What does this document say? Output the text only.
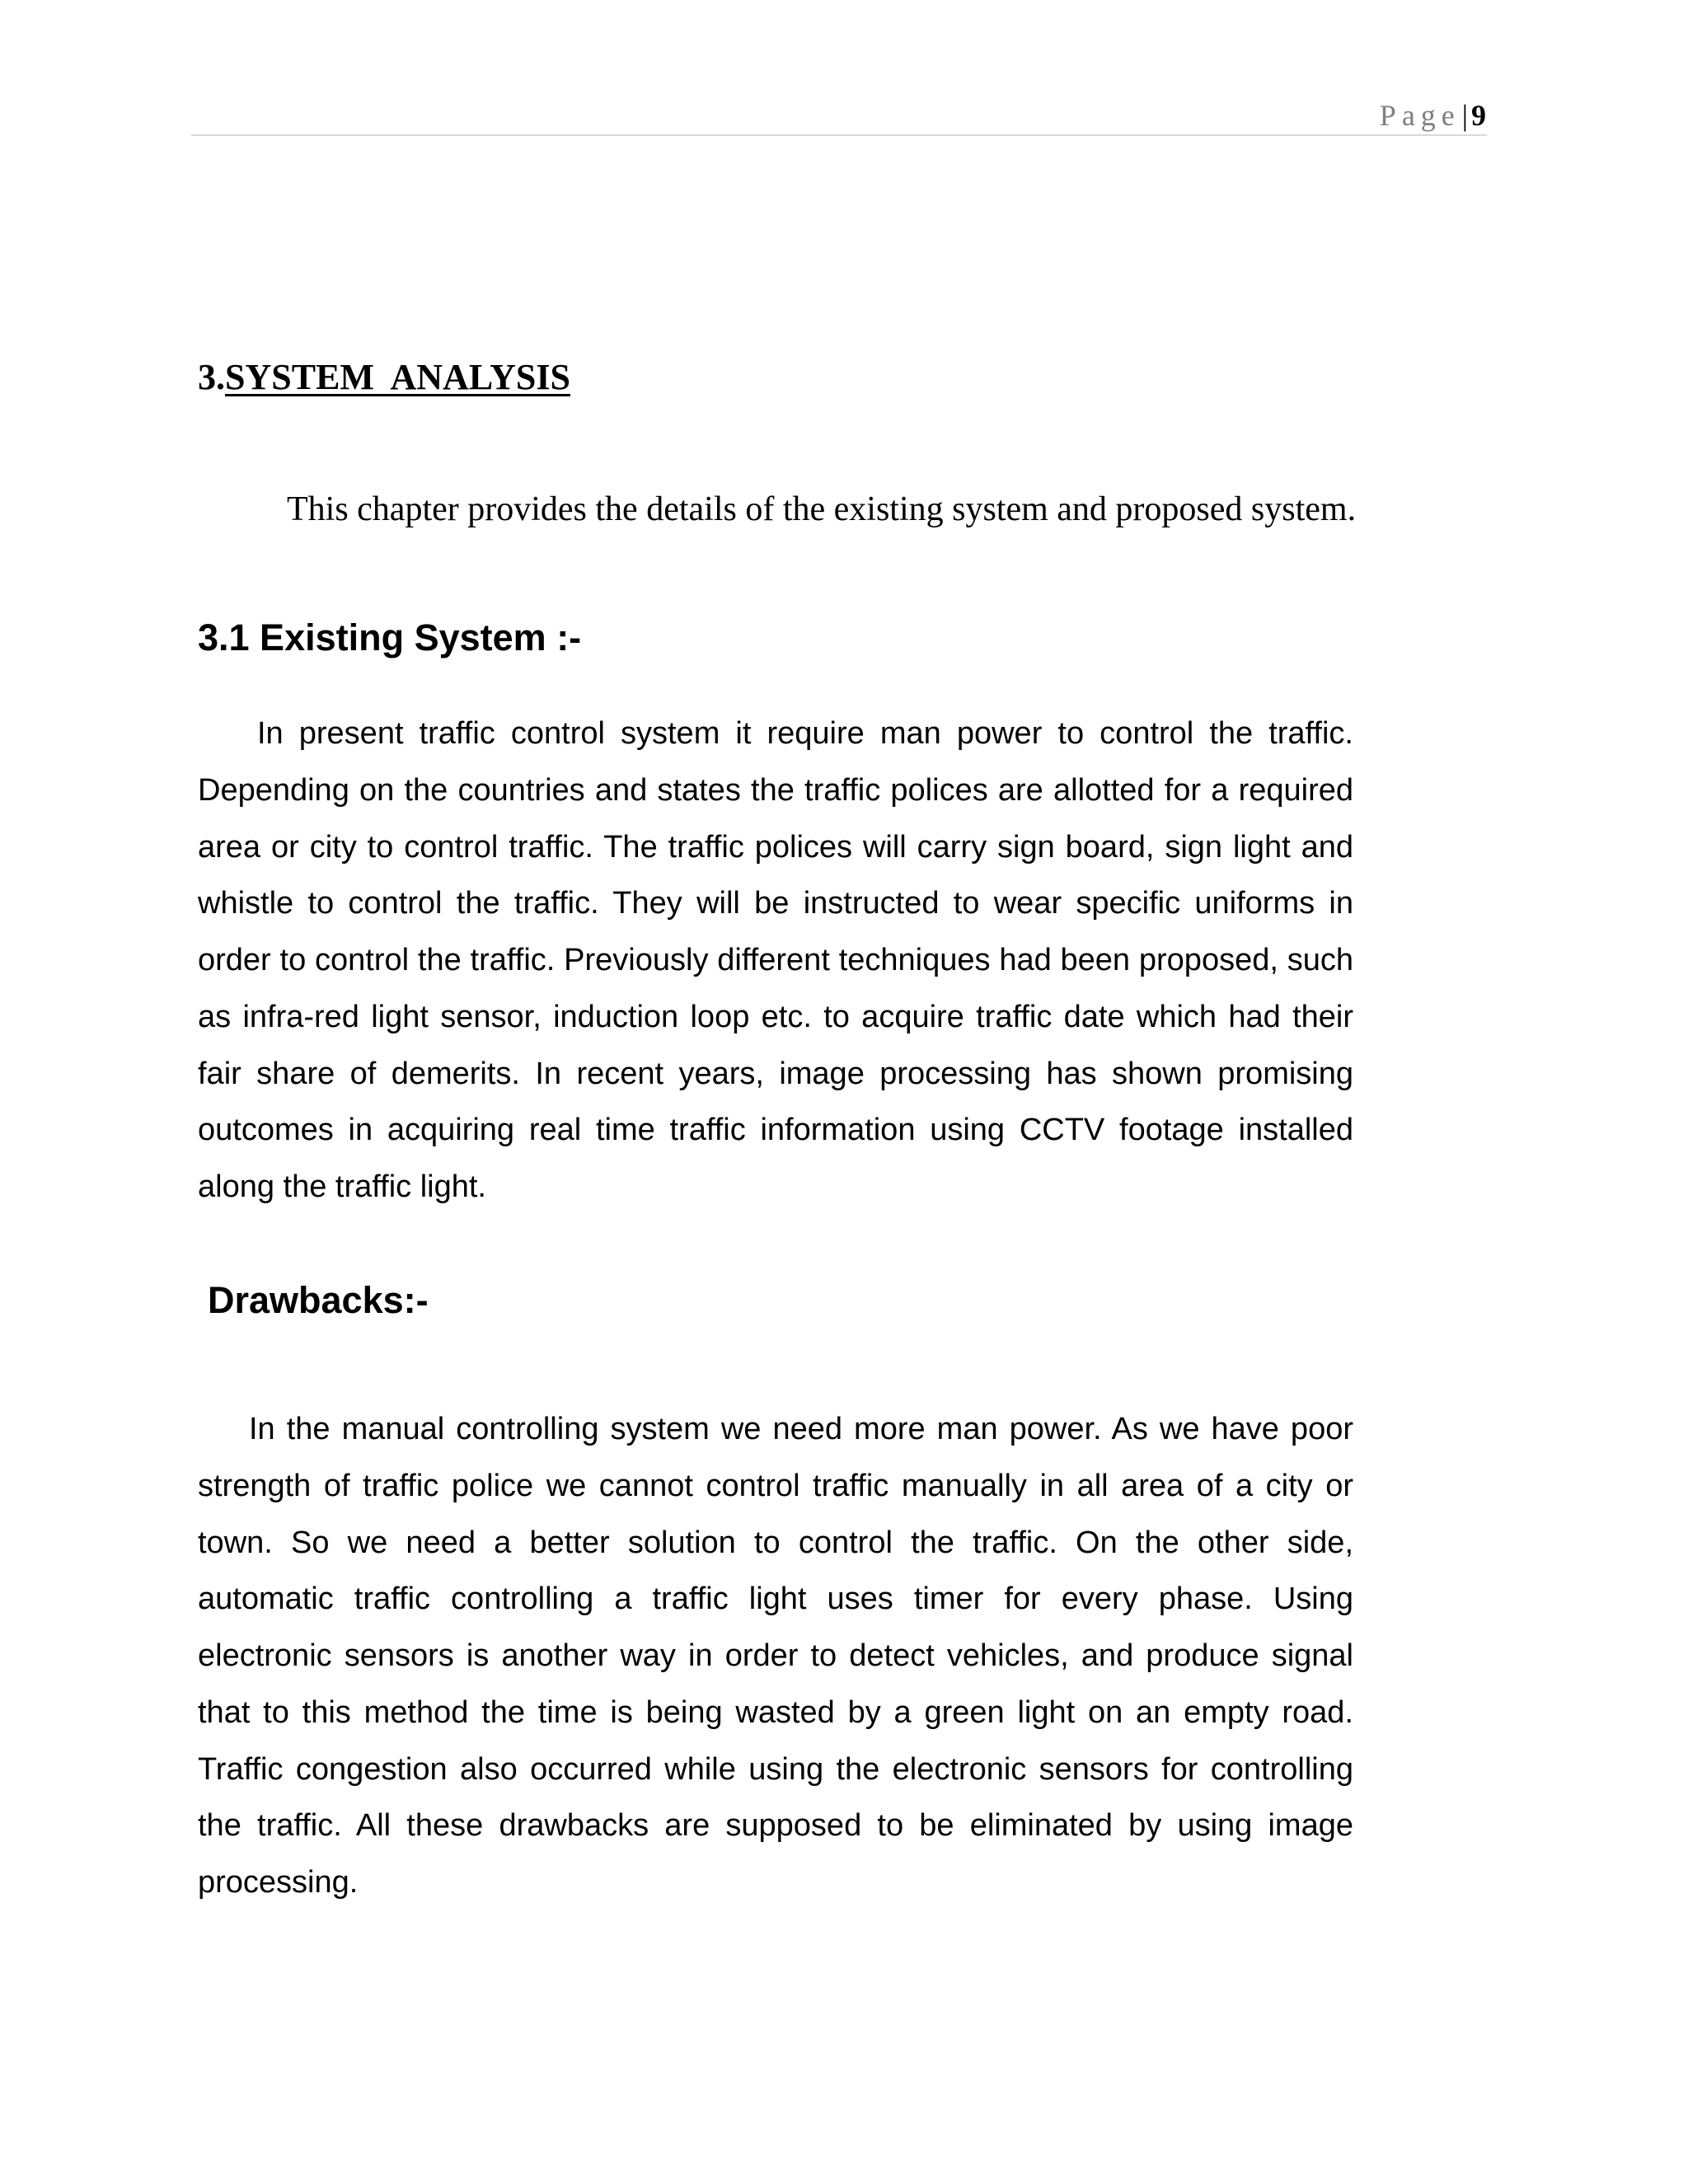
Page| 9
3.SYSTEM  ANALYSIS
This chapter provides the details of the existing system and proposed system.
3.1 Existing System :-
In present traffic control system it require man power to control the traffic. Depending on the countries and states the traffic polices are allotted for a required area or city to control traffic. The traffic polices will carry sign board, sign light and whistle to control the traffic. They will be instructed to wear specific uniforms in order to control the traffic. Previously different techniques had been proposed, such as infra-red light sensor, induction loop etc. to acquire traffic date which had their fair share of demerits. In recent years, image processing has shown promising outcomes in acquiring real time traffic information using CCTV footage installed along the traffic light.
Drawbacks:-
In the manual controlling system we need more man power. As we have poor strength of traffic police we cannot control traffic manually in all area of a city or town. So we need a better solution to control the traffic. On the other side, automatic traffic controlling a traffic light uses timer for every phase. Using electronic sensors is another way in order to detect vehicles, and produce signal that to this method the time is being wasted by a green light on an empty road. Traffic congestion also occurred while using the electronic sensors for controlling the traffic. All these drawbacks are supposed to be eliminated by using image processing.
